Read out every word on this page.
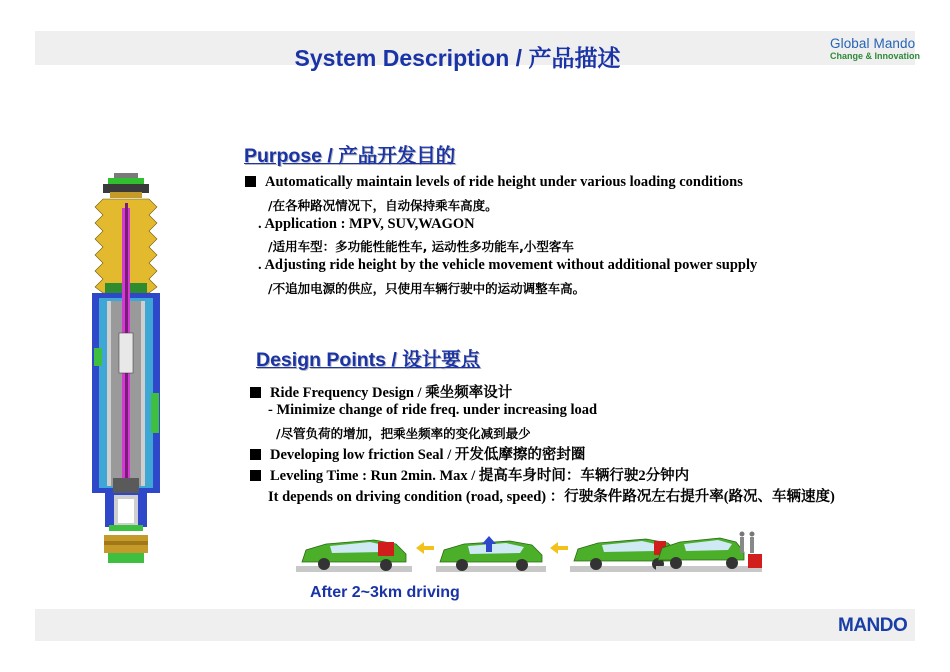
System Description / 产品描述
Global Mando
Change & Innovation
Purpose / 产品开发目的
Automatically maintain levels of ride height under various loading conditions
/在各种路况情况下，自动保持乘车高度。
. Application : MPV, SUV,WAGON
/适用车型：多功能性能性车, 运动性多功能车,小型客车
. Adjusting ride height by the vehicle movement without additional power supply
/不追加电源的供应，只使用车辆行驶中的运动调整车高。
Design Points / 设计要点
Ride Frequency Design / 乘坐频率设计
- Minimize change of ride freq. under increasing load
/尽管负荷的增加，把乘坐频率的变化减到最少
Developing low friction Seal / 开发低摩擦的密封圈
Leveling Time : Run 2min. Max / 提高车身时间：车辆行驶2分钟内
It depends on driving condition (road, speed) ：行驶条件路况左右提升率(路况、车辆速度)
After 2~3km driving
MANDO
